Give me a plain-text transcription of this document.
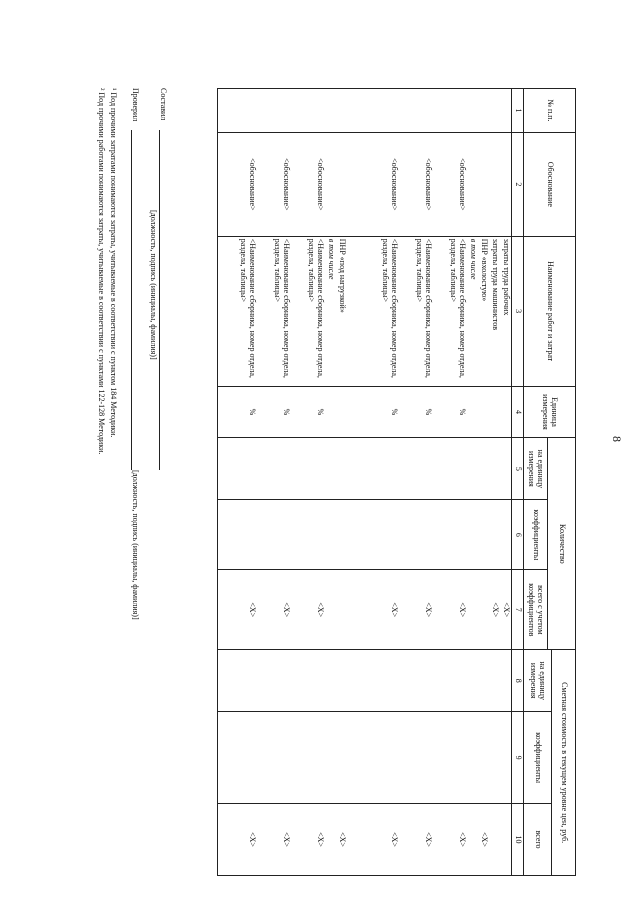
8
№ п.п.	Обоснование	Наименование работ и затрат	Единица измерения	Количество			Сметная стоимость в текущем уровне цен, руб.		
							на единицу измерения	коэффициенты	всего
				на единицу измерения	коэффициенты	всего с учетом коэффициентов			
1	2	3	4	5	6	7	8	9	10
		затраты труда рабочих				<X>			
		затраты труда машинистов				<X>			
		ПНР «вхолостую»							<X>
		в том числе							
	<обоснование>	<Наименование сборника, номер отдела, раздела, таблицы>	%			<X>			<X>
	<обоснование>	<Наименование сборника, номер отдела, раздела, таблицы>	%			<X>			<X>
	<обоснование>	<Наименование сборника, номер отдела, раздела, таблицы>	%			<X>			<X>
		ПНР «под нагрузкой»							<X>
		в том числе							
	<обоснование>	<Наименование сборника, номер отдела, раздела, таблицы>	%			<X>			<X>
	<обоснование>	<Наименование сборника, номер отдела, раздела, таблицы>	%			<X>			<X>
	<обоснование>	<Наименование сборника, номер отдела, раздела, таблицы>	%			<X>			<X>
Составил
[должность, подпись (инициалы, фамилия)]
Проверил
[должность, подпись (инициалы, фамилия)]
¹ Под прочими затратами понимаются затраты, учитываемые в соответствии с пунктом 184 Методики.
² Под прочими работами понимаются затраты, учитываемые в соответствии с пунктами 122-128 Методики.
